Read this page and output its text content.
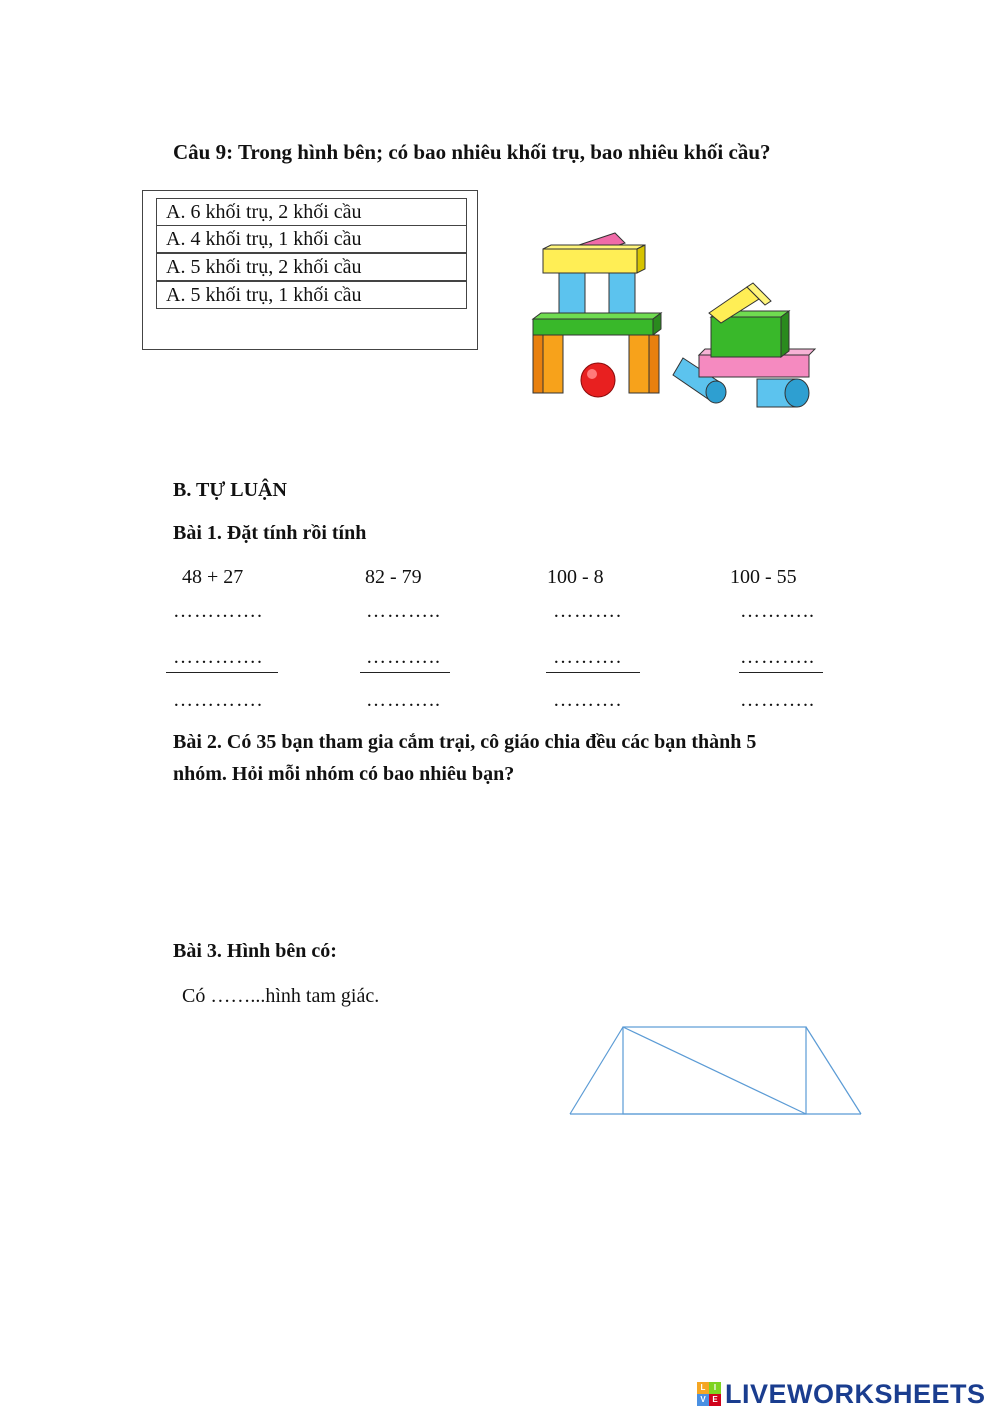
Câu 9: Trong hình bên; có bao nhiêu khối trụ, bao nhiêu khối cầu?
A. 6 khối trụ, 2 khối cầu
A. 4 khối trụ, 1 khối cầu
A. 5 khối trụ, 2 khối cầu
A. 5 khối trụ, 1 khối cầu
B. TỰ LUẬN
Bài 1. Đặt tính rồi tính
48 + 27	82 - 79	100 - 8	100 - 55
………….	………..	……….	………..
………….	………..	……….	………..
………….	………..	……….	………..
Bài 2. Có 35 bạn tham gia cắm trại, cô giáo chia đều các bạn thành 5
nhóm. Hỏi mỗi nhóm có bao nhiêu bạn?
Bài 3. Hình bên có:
Có ……...hình tam giác.
L	I
V E LIVEWORKSHEETS
